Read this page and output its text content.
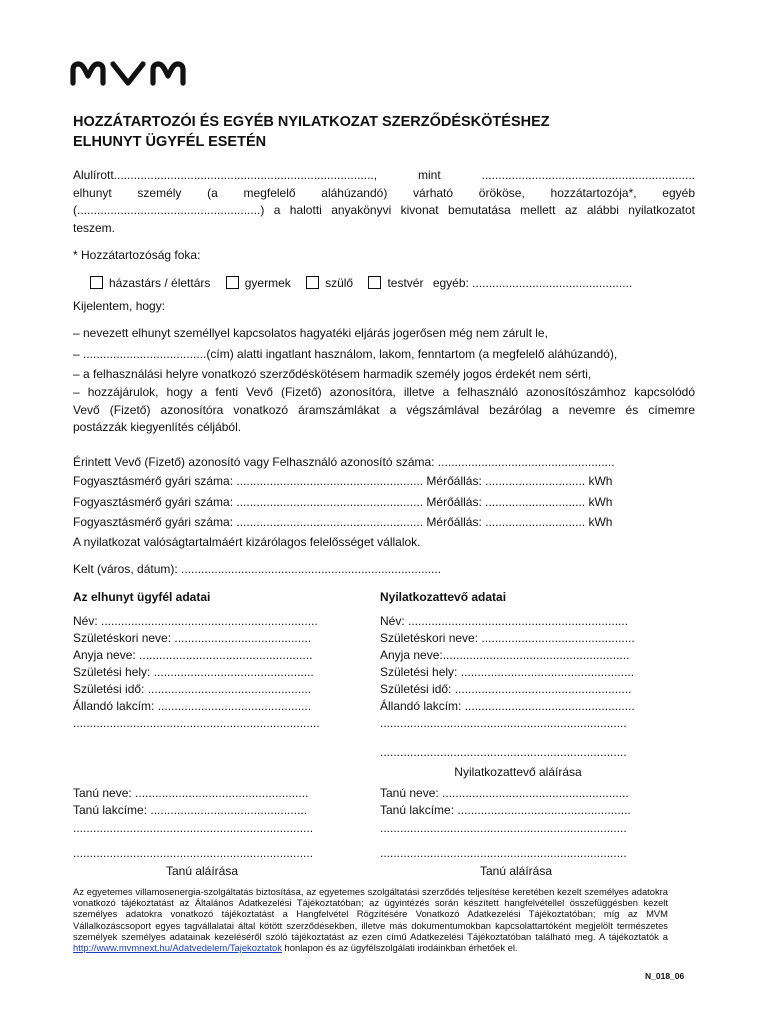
HOZZÁTARTOZÓI ÉS EGYÉB NYILATKOZAT SZERZŐDÉSKÖTÉSHEZ
ELHUNYT ÜGYFÉL ESETÉN
Alulírott.............................................................................., mint ................................................................
elhunyt személy (a megfelelő aláhúzandó) várható örököse, hozzátartozója*, egyéb
(.......................................................) a halotti anyakönyvi kivonat bemutatása mellett az alábbi nyilatkozatot
teszem.
* Hozzátartozóság foka:
házastárs / élettárs	gyermek	szülő	testvér egyéb: ................................................
Kijelentem, hogy:
– nevezett elhunyt személlyel kapcsolatos hagyatéki eljárás jogerősen még nem zárult le,
– .....................................(cím) alatti ingatlant használom, lakom, fenntartom (a megfelelő aláhúzandó),
– a felhasználási helyre vonatkozó szerződéskötésem harmadik személy jogos érdekét nem sérti,
– hozzájárulok, hogy a fenti Vevő (Fizető) azonosítóra, illetve a felhasználó azonosítószámhoz kapcsolódó
Vevő (Fizető) azonosítóra vonatkozó áramszámlákat a végszámlával bezárólag a nevemre és címemre
postázzák kiegyenlítés céljából.
Érintett Vevő (Fizető) azonosító vagy Felhasználó azonosító száma: .....................................................
Fogyasztásmérő gyári száma: ........................................................ Mérőállás: .............................. kWh
Fogyasztásmérő gyári száma: ........................................................ Mérőállás: .............................. kWh
Fogyasztásmérő gyári száma: ........................................................ Mérőállás: .............................. kWh
A nyilatkozat valóságtartalmáért kizárólagos felelősséget vállalok.
Kelt (város, dátum): ..............................................................................
Az elhunyt ügyfél adatai
Név: .................................................................
Születéskori neve: .........................................
Anyja neve: ....................................................
Születési hely: ................................................
Születési idő: .................................................
Állandó lakcím: ..............................................
..........................................................................
Nyilatkozattevő adatai
Név: ..................................................................
Születéskori neve: ..............................................
Anyja neve:........................................................
Születési hely: ....................................................
Születési idő: .....................................................
Állandó lakcím: ...................................................
..........................................................................
..........................................................................
Nyilatkozattevő aláírása
Tanú neve: ....................................................
Tanú lakcíme: ...............................................
........................................................................
........................................................................
Tanú aláírása
Tanú neve: ........................................................
Tanú lakcíme: ....................................................
..........................................................................
..........................................................................
Tanú aláírása
Az egyetemes villamosenergia-szolgáltatás biztosítása, az egyetemes szolgáltatási szerződés teljesítése keretében kezelt személyes adatokra vonatkozó tájékoztatást az Általános Adatkezelési Tájékoztatóban; az ügyintézés során készített hangfelvétellel összefüggésben kezelt személyes adatokra vonatkozó tájékoztatást a Hangfelvétel Rögzítésére Vonatkozó Adatkezelési Tájékoztatóban; míg az MVM Vállalkozáscsoport egyes tagvállalatai által kötött szerződésekben, illetve más dokumentumokban kapcsolattartóként megjelölt természetes személyek személyes adatainak kezeléséről szóló tájékoztatást az ezen című Adatkezelési Tájékoztatóban található meg. A tájékoztatók a http://www.mvmnext.hu/Adatvedelem/Tajekoztatok honlapon és az ügyfélszolgálati irodáinkban érhetőek el.
N_018_06
